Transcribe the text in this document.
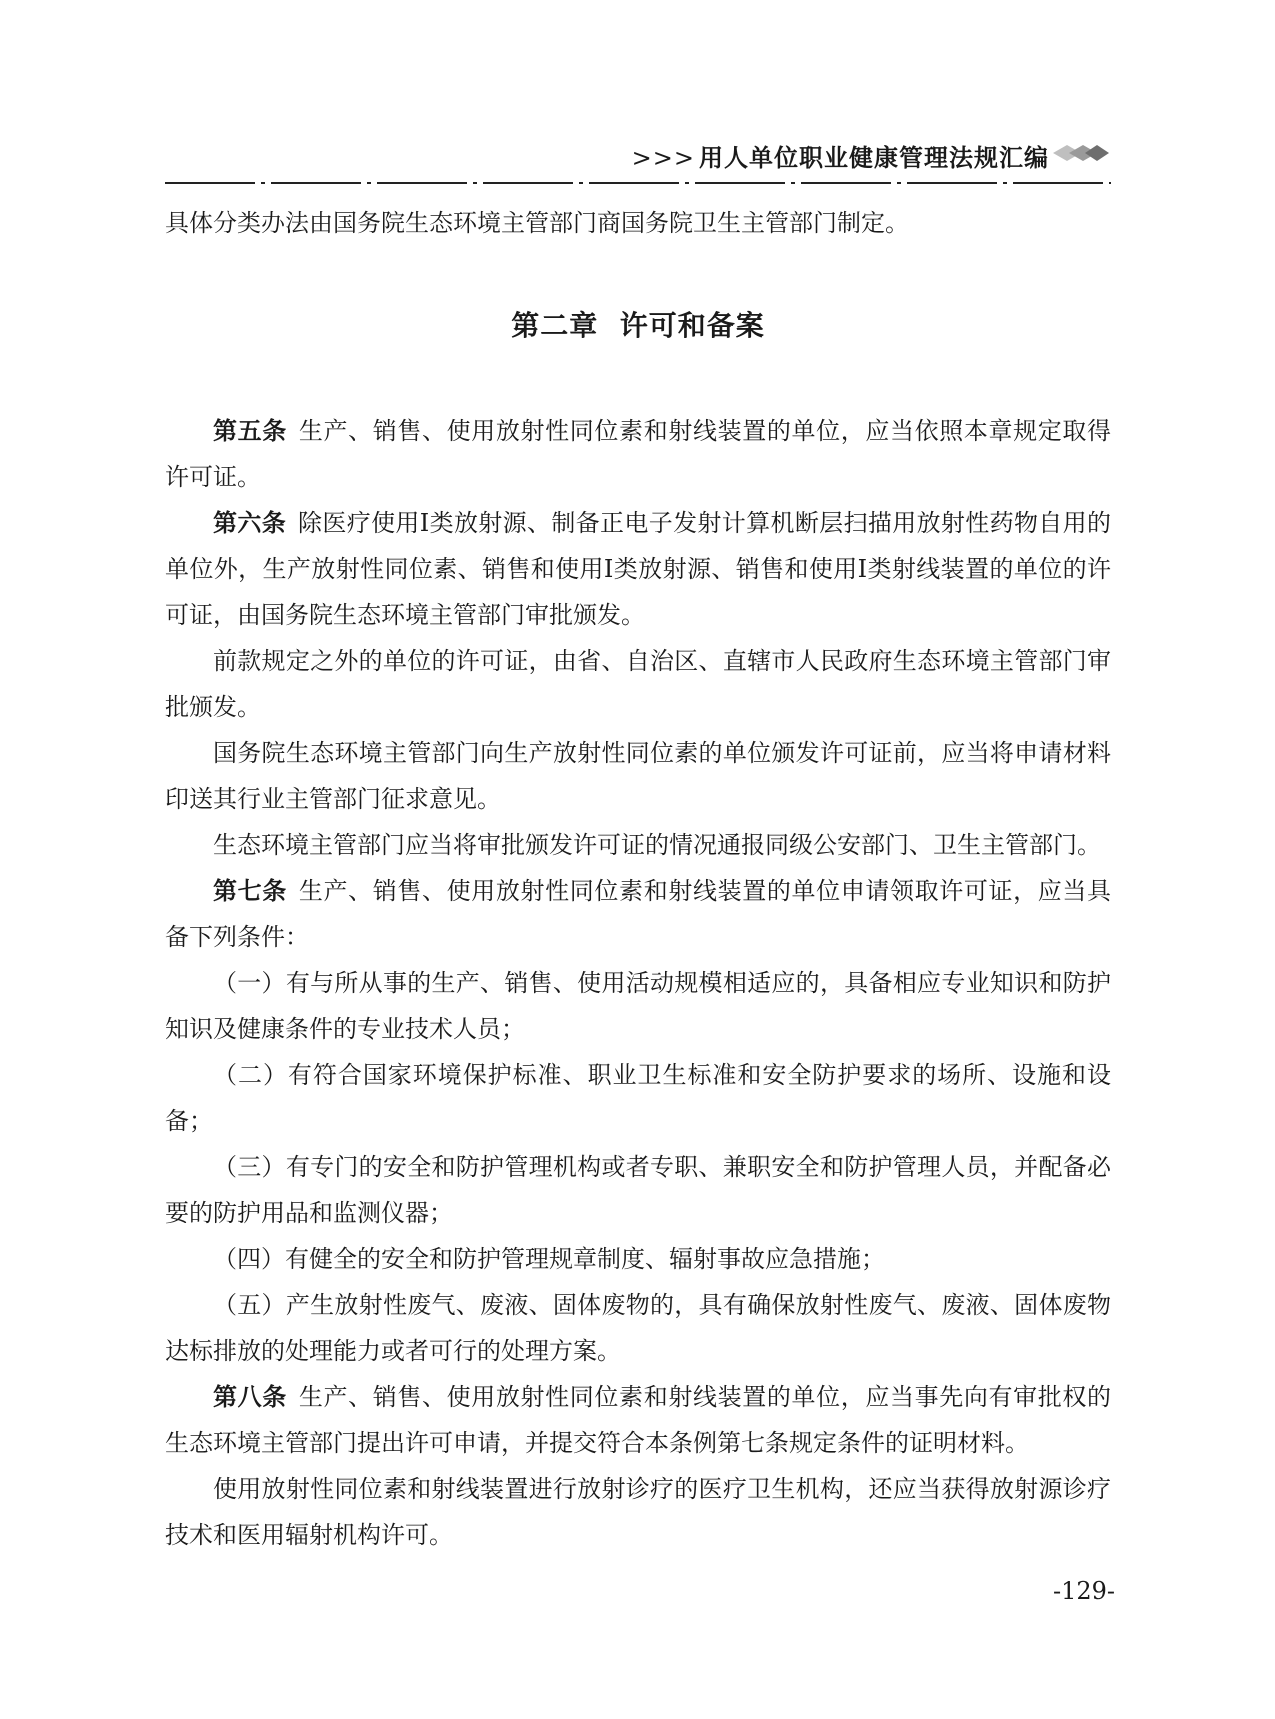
>>> 用人单位职业健康管理法规汇编

具体分类办法由国务院生态环境主管部门商国务院卫生主管部门制定。

第二章  许可和备案

第五条 生产、销售、使用放射性同位素和射线装置的单位，应当依照本章规定取得许可证。

第六条 除医疗使用Ⅰ类放射源、制备正电子发射计算机断层扫描用放射性药物自用的单位外，生产放射性同位素、销售和使用Ⅰ类放射源、销售和使用Ⅰ类射线装置的单位的许可证，由国务院生态环境主管部门审批颁发。

前款规定之外的单位的许可证，由省、自治区、直辖市人民政府生态环境主管部门审批颁发。

国务院生态环境主管部门向生产放射性同位素的单位颁发许可证前，应当将申请材料印送其行业主管部门征求意见。

生态环境主管部门应当将审批颁发许可证的情况通报同级公安部门、卫生主管部门。

第七条 生产、销售、使用放射性同位素和射线装置的单位申请领取许可证，应当具备下列条件：

（一）有与所从事的生产、销售、使用活动规模相适应的，具备相应专业知识和防护知识及健康条件的专业技术人员；

（二）有符合国家环境保护标准、职业卫生标准和安全防护要求的场所、设施和设备；

（三）有专门的安全和防护管理机构或者专职、兼职安全和防护管理人员，并配备必要的防护用品和监测仪器；

（四）有健全的安全和防护管理规章制度、辐射事故应急措施；

（五）产生放射性废气、废液、固体废物的，具有确保放射性废气、废液、固体废物达标排放的处理能力或者可行的处理方案。

第八条 生产、销售、使用放射性同位素和射线装置的单位，应当事先向有审批权的生态环境主管部门提出许可申请，并提交符合本条例第七条规定条件的证明材料。

使用放射性同位素和射线装置进行放射诊疗的医疗卫生机构，还应当获得放射源诊疗技术和医用辐射机构许可。

-129-
